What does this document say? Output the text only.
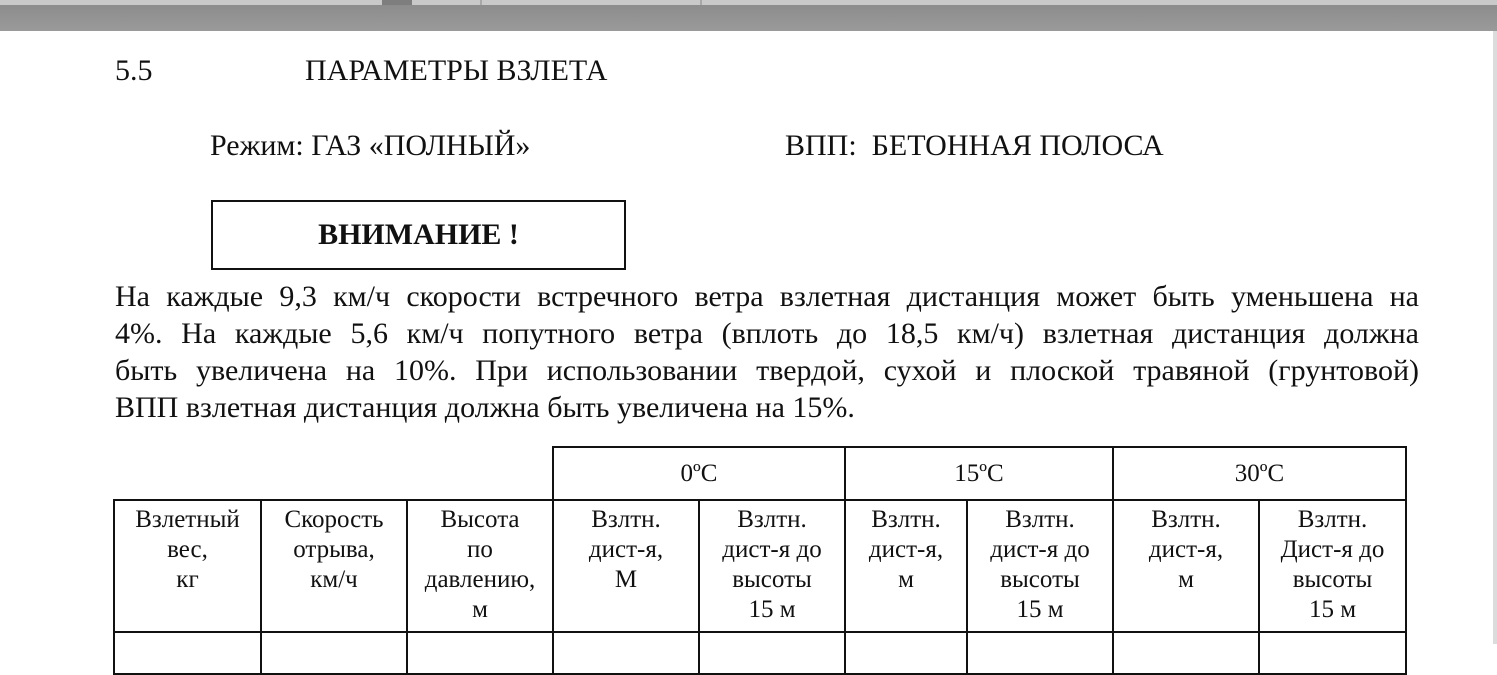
5.5	ПАРАМЕТРЫ ВЗЛЕТА
Режим: ГАЗ «ПОЛНЫЙ»	ВПП:  БЕТОННАЯ ПОЛОСА
ВНИМАНИЕ !
На каждые 9,3 км/ч скорости встречного ветра взлетная дистанция может быть уменьшена на
4%. На каждые 5,6 км/ч попутного ветра (вплоть до 18,5 км/ч) взлетная дистанция должна
быть увеличена на 10%. При использовании твердой, сухой и плоской травяной (грунтовой)
ВПП взлетная дистанция должна быть увеличена на 15%.
			0ºC		15ºC		30ºC	

Взлетный
вес,
кг	Скорость
отрыва,
км/ч	Высота
по
давлению,
м	Взлтн.
дист-я,
М	Взлтн.
дист-я до
высоты
15 м	Взлтн.
дист-я,
м	Взлтн.
дист-я до
высоты
15 м	Взлтн.
дист-я,
м	Взлтн.
Дист-я до
высоты
15 м
